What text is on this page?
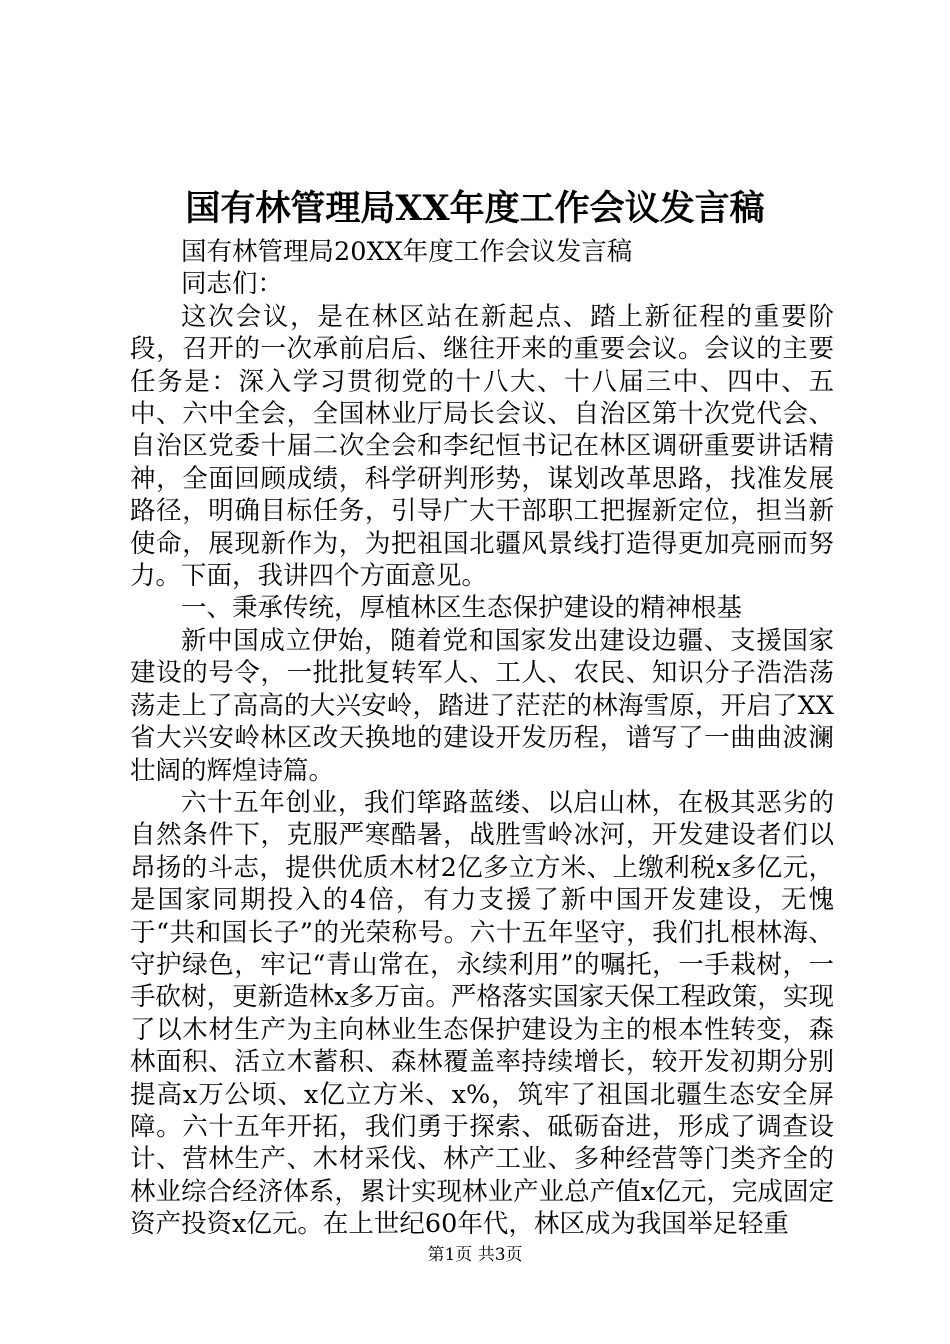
国有林管理局XX年度工作会议发言稿

国有林管理局20XX年度工作会议发言稿

同志们：

这次会议，是在林区站在新起点、踏上新征程的重要阶段，召开的一次承前启后、继往开来的重要会议。会议的主要任务是：深入学习贯彻党的十八大、十八届三中、四中、五中、六中全会，全国林业厅局长会议、自治区第十次党代会、自治区党委十届二次全会和李纪恒书记在林区调研重要讲话精神，全面回顾成绩，科学研判形势，谋划改革思路，找准发展路径，明确目标任务，引导广大干部职工把握新定位，担当新使命，展现新作为，为把祖国北疆风景线打造得更加亮丽而努力。下面，我讲四个方面意见。

一、秉承传统，厚植林区生态保护建设的精神根基

新中国成立伊始，随着党和国家发出建设边疆、支援国家建设的号令，一批批复转军人、工人、农民、知识分子浩浩荡荡走上了高高的大兴安岭，踏进了茫茫的林海雪原，开启了XX省大兴安岭林区改天换地的建设开发历程，谱写了一曲曲波澜壮阔的辉煌诗篇。

六十五年创业，我们筚路蓝缕、以启山林，在极其恶劣的自然条件下，克服严寒酷暑，战胜雪岭冰河，开发建设者们以昂扬的斗志，提供优质木材2亿多立方米、上缴利税x多亿元，是国家同期投入的4倍，有力支援了新中国开发建设，无愧于“共和国长子”的光荣称号。六十五年坚守，我们扎根林海、守护绿色，牢记“青山常在，永续利用”的嘱托，一手栽树，一手砍树，更新造林x多万亩。严格落实国家天保工程政策，实现了以木材生产为主向林业生态保护建设为主的根本性转变，森林面积、活立木蓄积、森林覆盖率持续增长，较开发初期分别提高x万公顷、x亿立方米、x%，筑牢了祖国北疆生态安全屏障。六十五年开拓，我们勇于探索、砥砺奋进，形成了调查设计、营林生产、木材采伐、林产工业、多种经营等门类齐全的林业综合经济体系，累计实现林业产业总产值x亿元，完成固定资产投资x亿元。在上世纪60年代，林区成为我国举足轻重

第1页 共3页
